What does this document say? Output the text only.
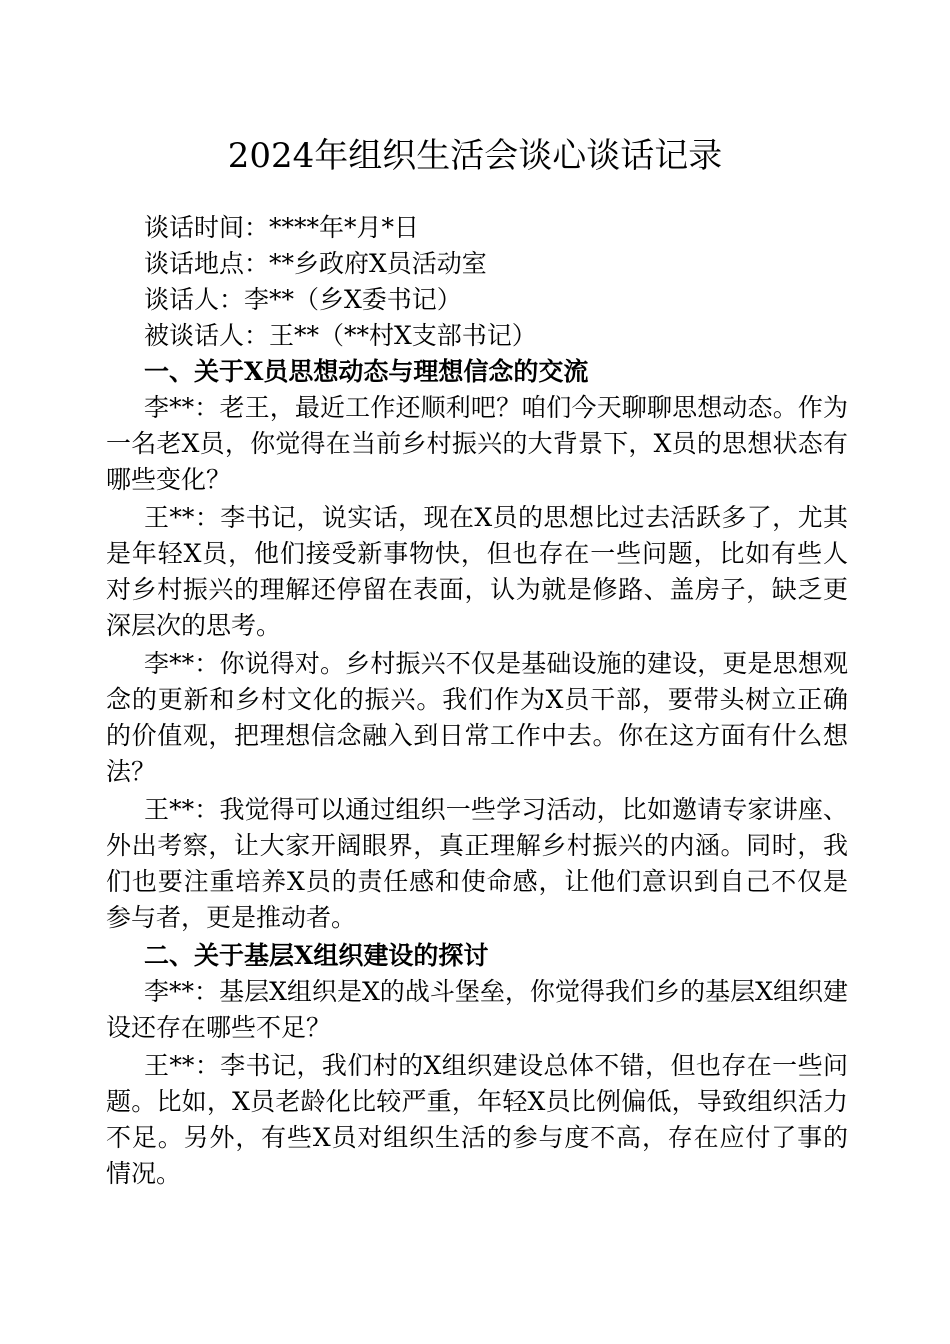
2024年组织生活会谈心谈话记录
谈话时间：****年*月*日
谈话地点：**乡政府X员活动室
谈话人：李**（乡X委书记）
被谈话人：王**（**村X支部书记）
一、关于X员思想动态与理想信念的交流
李**：老王，最近工作还顺利吧？咱们今天聊聊思想动态。作为一名老X员，你觉得在当前乡村振兴的大背景下，X员的思想状态有哪些变化？
王**：李书记，说实话，现在X员的思想比过去活跃多了，尤其是年轻X员，他们接受新事物快，但也存在一些问题，比如有些人对乡村振兴的理解还停留在表面，认为就是修路、盖房子，缺乏更深层次的思考。
李**：你说得对。乡村振兴不仅是基础设施的建设，更是思想观念的更新和乡村文化的振兴。我们作为X员干部，要带头树立正确的价值观，把理想信念融入到日常工作中去。你在这方面有什么想法？
王**：我觉得可以通过组织一些学习活动，比如邀请专家讲座、外出考察，让大家开阔眼界，真正理解乡村振兴的内涵。同时，我们也要注重培养X员的责任感和使命感，让他们意识到自己不仅是参与者，更是推动者。
二、关于基层X组织建设的探讨
李**：基层X组织是X的战斗堡垒，你觉得我们乡的基层X组织建设还存在哪些不足？
王**：李书记，我们村的X组织建设总体不错，但也存在一些问题。比如，X员老龄化比较严重，年轻X员比例偏低，导致组织活力不足。另外，有些X员对组织生活的参与度不高，存在应付了事的情况。
